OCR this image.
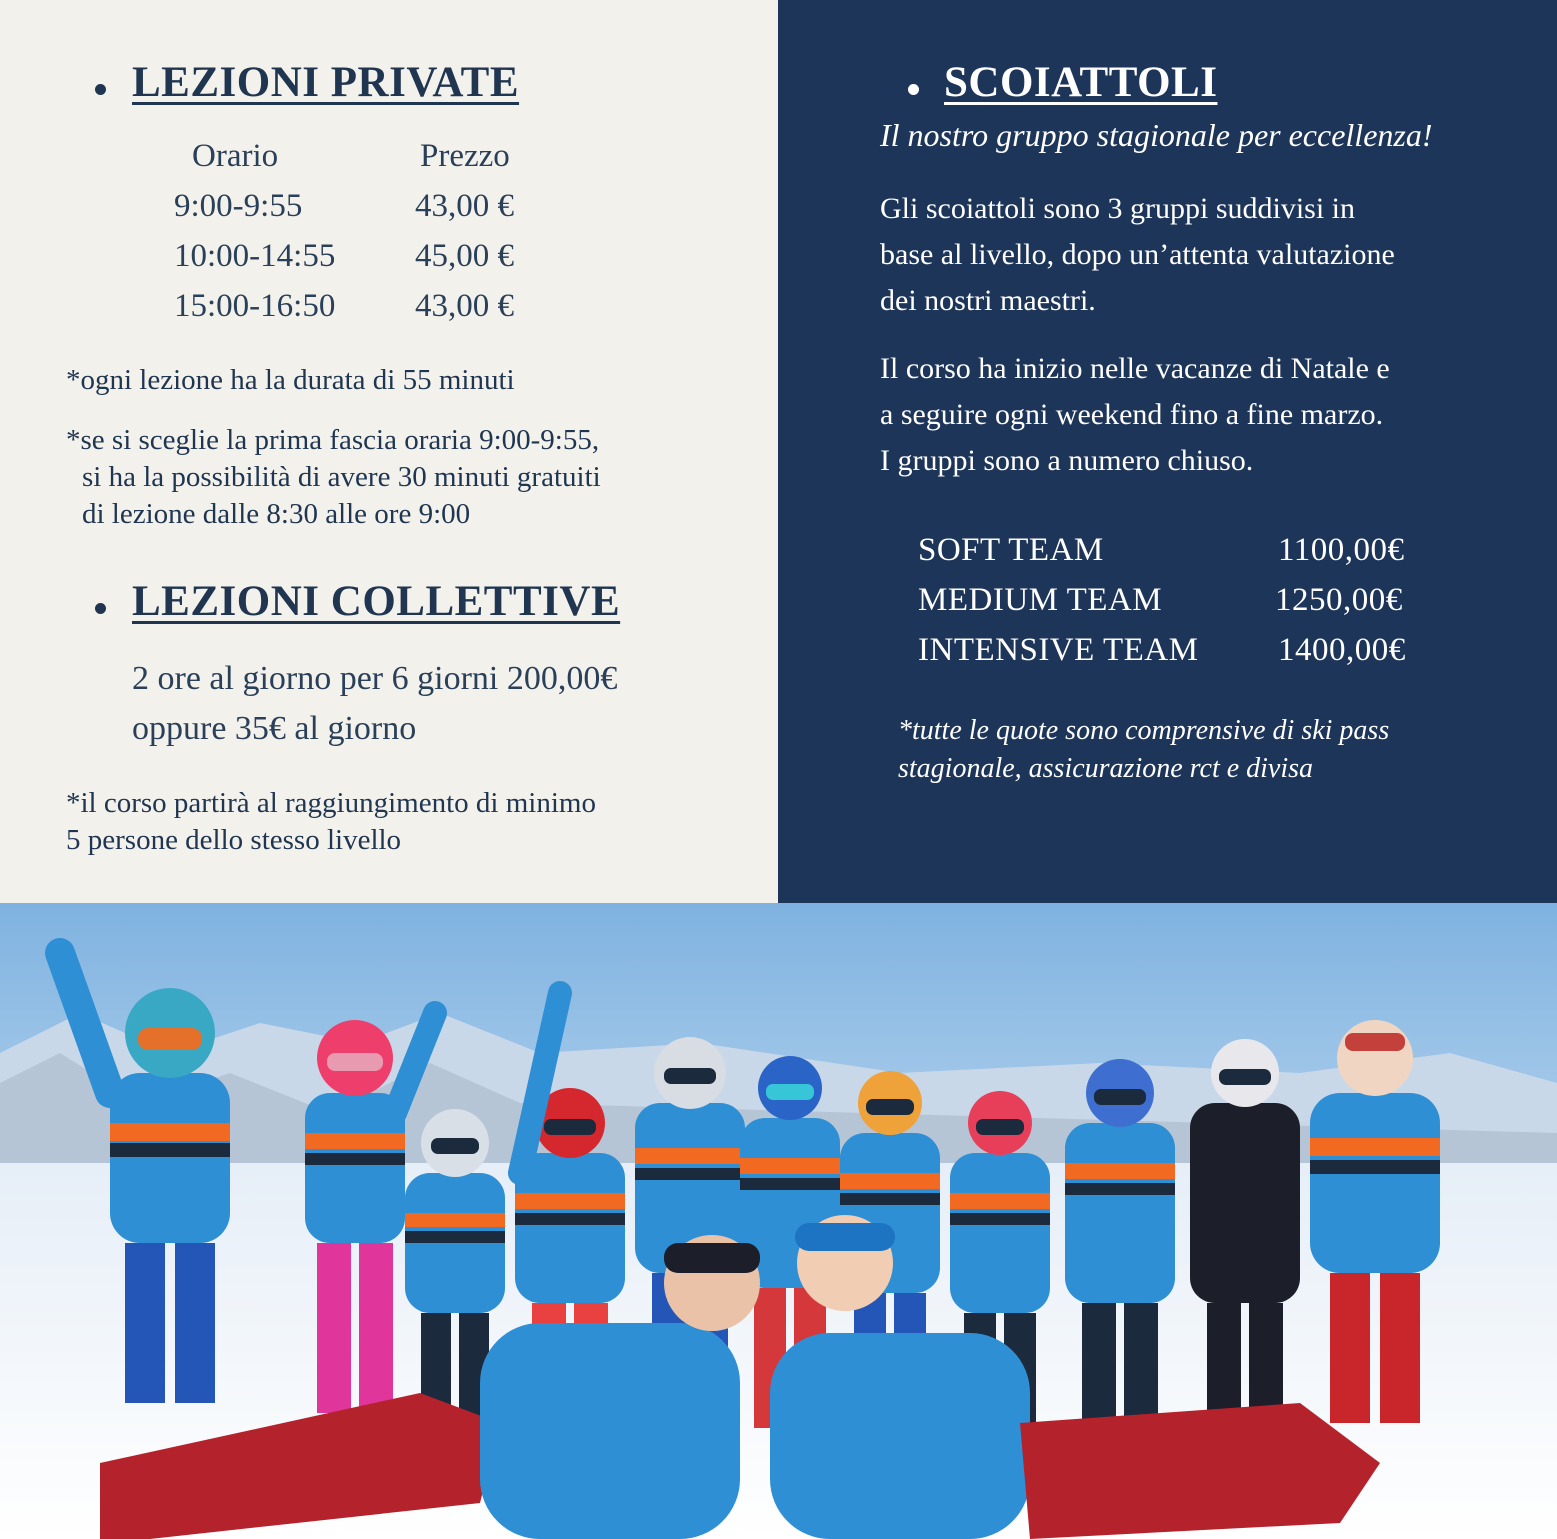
LEZIONI PRIVATE
Orario	Prezzo
9:00-9:55	43,00 €
10:00-14:55 45,00 €
15:00-16:50 43,00 €

*ogni lezione ha la durata di 55 minuti

*se si sceglie la prima fascia oraria 9:00-9:55,

si ha la possibilità di avere 30 minuti gratuiti

di lezione dalle 8:30 alle ore 9:00

LEZIONI COLLETTIVE
2 ore al giorno per 6 giorni 200,00€
oppure 35€ al giorno

*il corso partirà al raggiungimento di minimo

5 persone dello stesso livello

SCOIATTOLI

Il nostro gruppo stagionale per eccellenza!

Gli scoiattoli sono 3 gruppi suddivisi in

base al livello, dopo un’attenta valutazione

dei nostri maestri.

Il corso ha inizio nelle vacanze di Natale e

a seguire ogni weekend fino a fine marzo.

I gruppi sono a numero chiuso.

SOFT TEAM	1100,00€
MEDIUM TEAM	1250,00€
INTENSIVE TEAM 1400,00€

*tutte le quote sono comprensive di ski pass

stagionale, assicurazione rct e divisa
